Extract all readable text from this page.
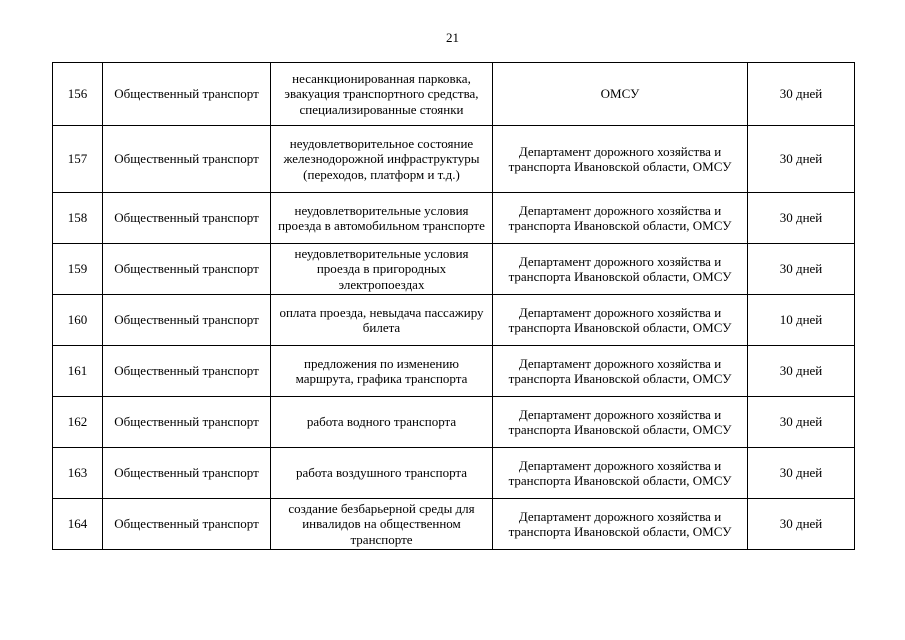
21
156	Общественный транспорт	несанкционированная парковка, эвакуация транспортного средства, специализированные стоянки	ОМСУ	30 дней
157	Общественный транспорт	неудовлетворительное состояние железнодорожной инфраструктуры (переходов, платформ и т.д.)	Департамент дорожного хозяйства и транспорта Ивановской области, ОМСУ	30 дней
158	Общественный транспорт	неудовлетворительные условия проезда в автомобильном транспорте	Департамент дорожного хозяйства и транспорта Ивановской области, ОМСУ	30 дней
159	Общественный транспорт	неудовлетворительные условия проезда в пригородных электропоездах	Департамент дорожного хозяйства и транспорта Ивановской области, ОМСУ	30 дней
160	Общественный транспорт	оплата проезда, невыдача пассажиру билета	Департамент дорожного хозяйства и транспорта Ивановской области, ОМСУ	10 дней
161	Общественный транспорт	предложения по изменению маршрута, графика транспорта	Департамент дорожного хозяйства и транспорта Ивановской области, ОМСУ	30 дней
162	Общественный транспорт	работа водного транспорта	Департамент дорожного хозяйства и транспорта Ивановской области, ОМСУ	30 дней
163	Общественный транспорт	работа воздушного транспорта	Департамент дорожного хозяйства и транспорта Ивановской области, ОМСУ	30 дней
164	Общественный транспорт	создание безбарьерной среды для инвалидов на общественном транспорте	Департамент дорожного хозяйства и транспорта Ивановской области, ОМСУ	30 дней
